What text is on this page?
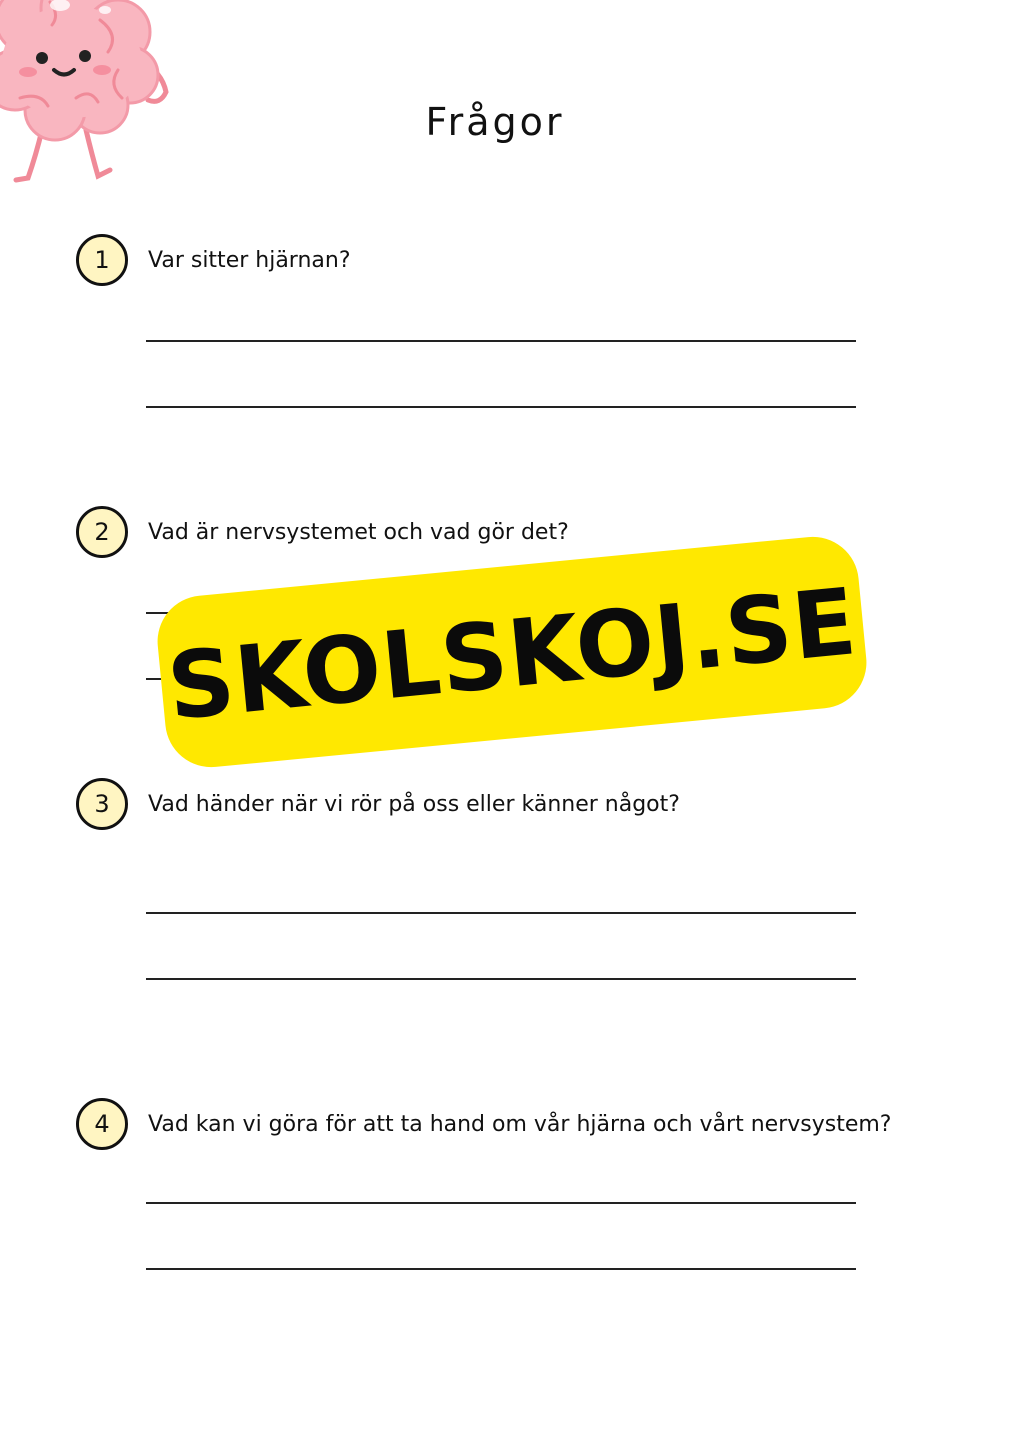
Frågor
1	Var sitter hjärnan?
2	Vad är nervsystemet och vad gör det?
3	Vad händer när vi rör på oss eller känner något?
4	Vad kan vi göra för att ta hand om vår hjärna och vårt nervsystem?
SKOLSKOJ.SE
